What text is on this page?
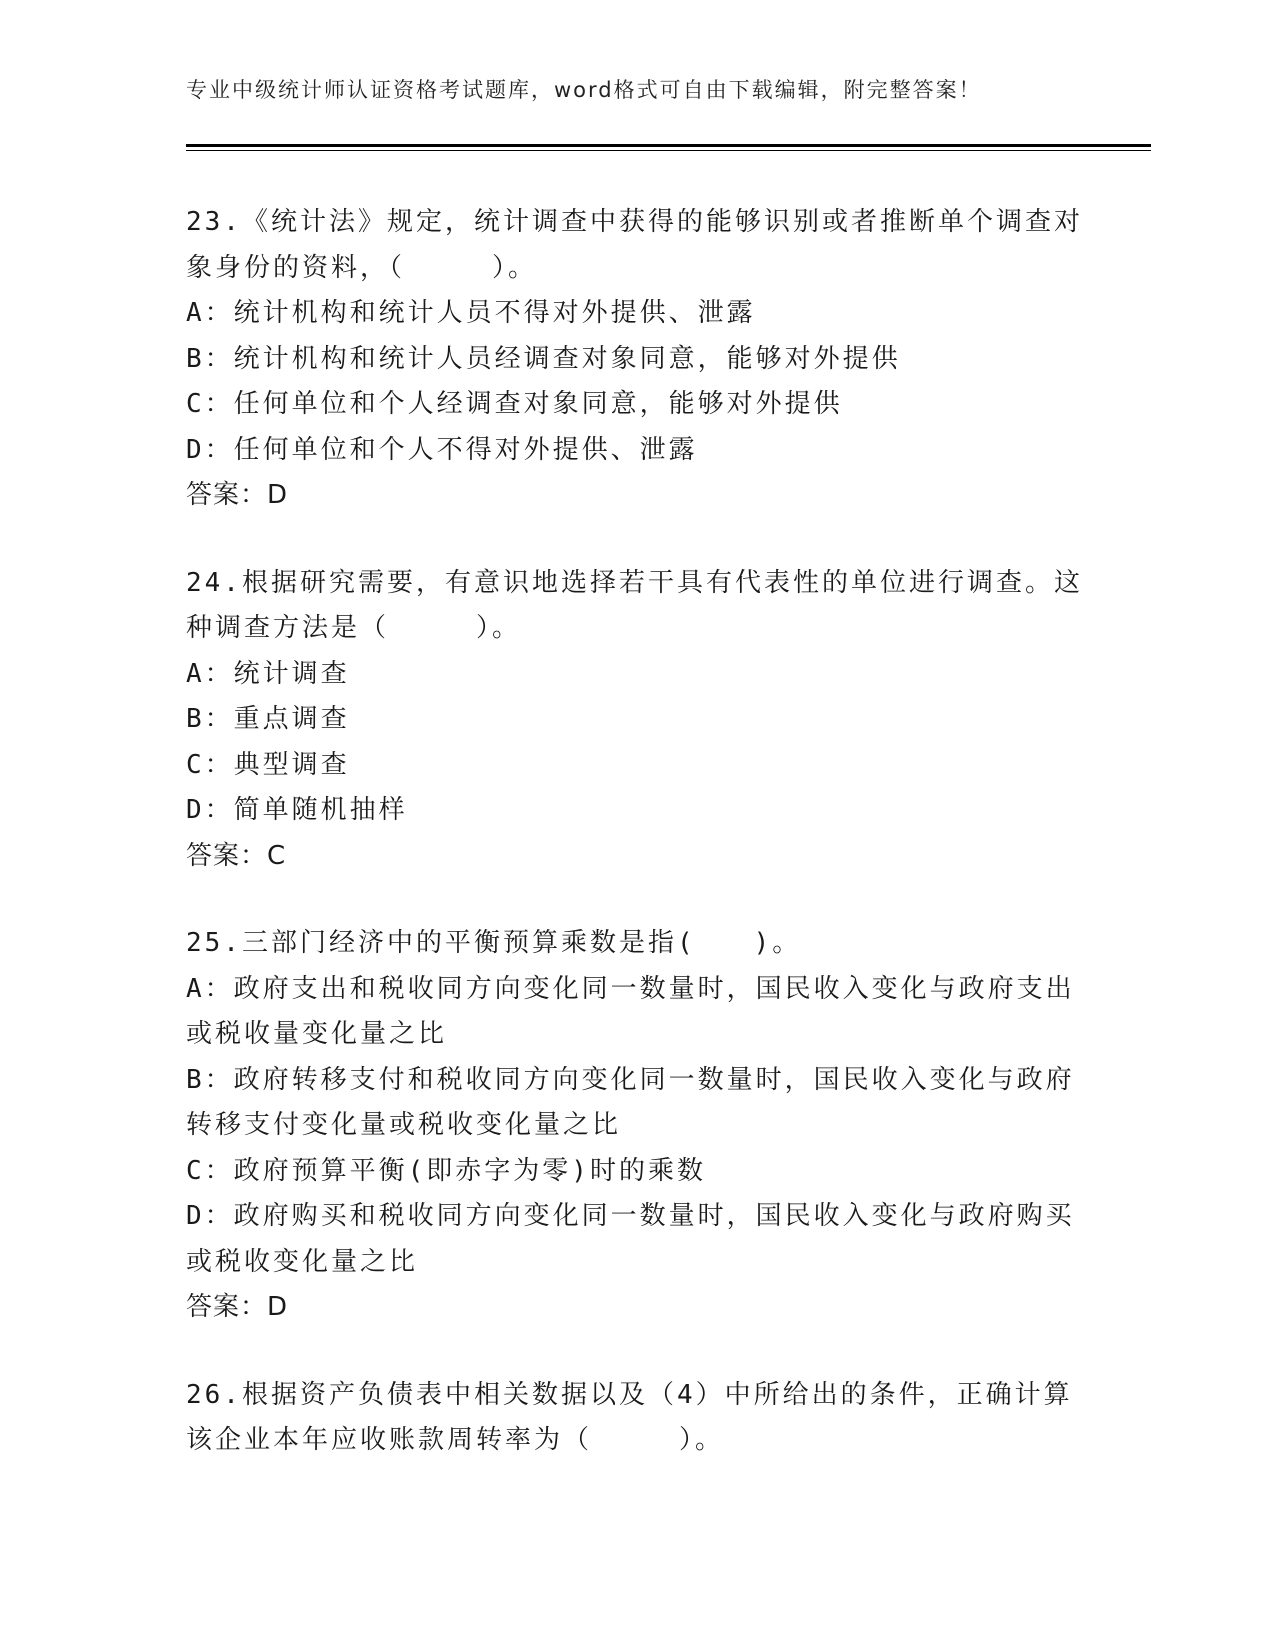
专业中级统计师认证资格考试题库，word格式可自由下载编辑，附完整答案！

23.《统计法》规定，统计调查中获得的能够识别或者推断单个调查对象身份的资料，（　　　）。

A：统计机构和统计人员不得对外提供、泄露

B：统计机构和统计人员经调查对象同意，能够对外提供

C：任何单位和个人经调查对象同意，能够对外提供

D：任何单位和个人不得对外提供、泄露

答案：D

24.根据研究需要，有意识地选择若干具有代表性的单位进行调查。这种调查方法是（　　　）。

A：统计调查

B：重点调查

C：典型调查

D：简单随机抽样

答案：C

25.三部门经济中的平衡预算乘数是指(　　)。

A：政府支出和税收同方向变化同一数量时，国民收入变化与政府支出或税收量变化量之比

B：政府转移支付和税收同方向变化同一数量时，国民收入变化与政府转移支付变化量或税收变化量之比

C：政府预算平衡(即赤字为零)时的乘数

D：政府购买和税收同方向变化同一数量时，国民收入变化与政府购买或税收变化量之比

答案：D

26.根据资产负债表中相关数据以及（4）中所给出的条件，正确计算该企业本年应收账款周转率为（　　　）。
